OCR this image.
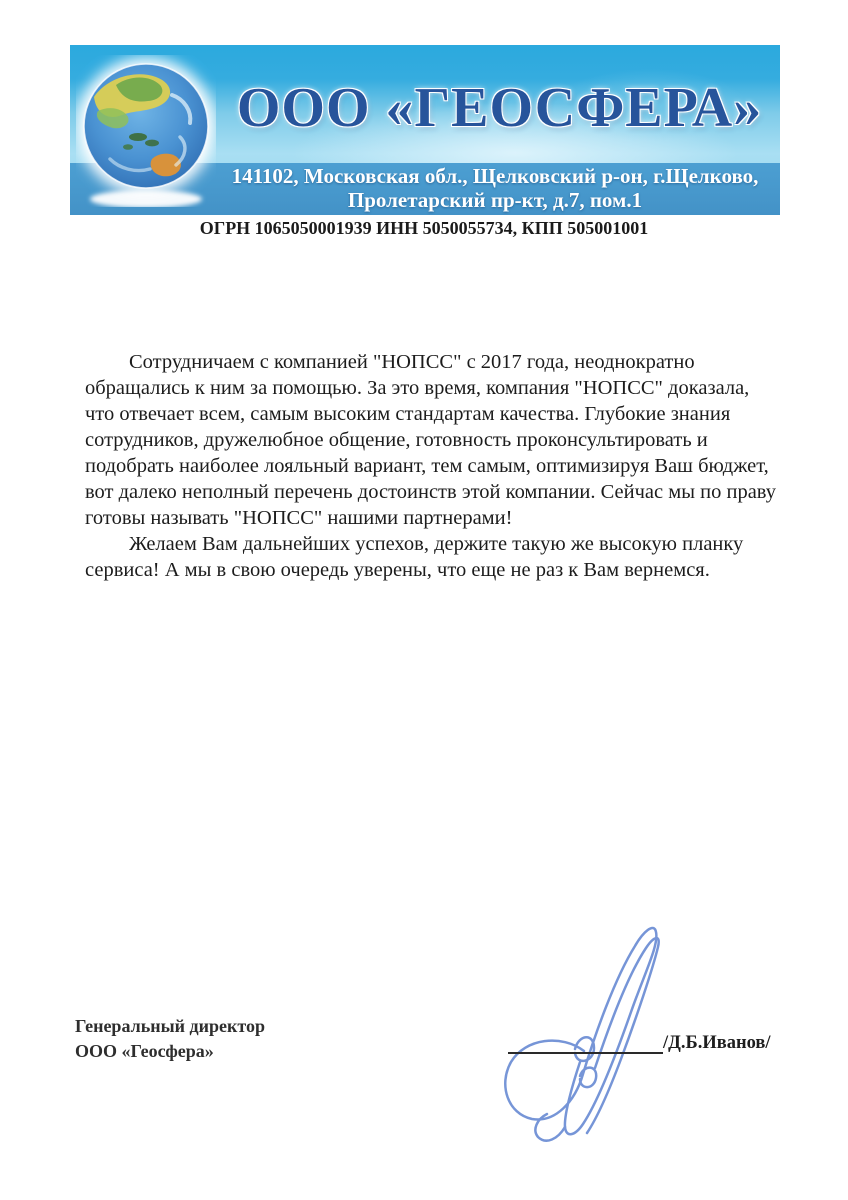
ООО «ГЕОСФЕРА»
141102, Московская обл., Щелковский р-он, г.Щелково,
Пролетарский пр-кт, д.7, пом.1
ОГРН 1065050001939 ИНН 5050055734, КПП 505001001

Сотрудничаем с компанией "НОПСС" с 2017 года, неоднократно обращались к ним за помощью. За это время, компания "НОПСС" доказала, что отвечает всем, самым высоким стандартам качества. Глубокие знания сотрудников, дружелюбное общение, готовность проконсультировать и подобрать наиболее лояльный вариант, тем самым, оптимизируя Ваш бюджет, вот далеко неполный перечень достоинств этой компании. Сейчас мы по праву готовы называть "НОПСС" нашими партнерами!

Желаем Вам дальнейших успехов, держите такую же высокую планку сервиса! А мы в свою очередь уверены, что еще не раз к Вам вернемся.

Генеральный директор
ООО «Геосфера»	/Д.Б.Иванов/
